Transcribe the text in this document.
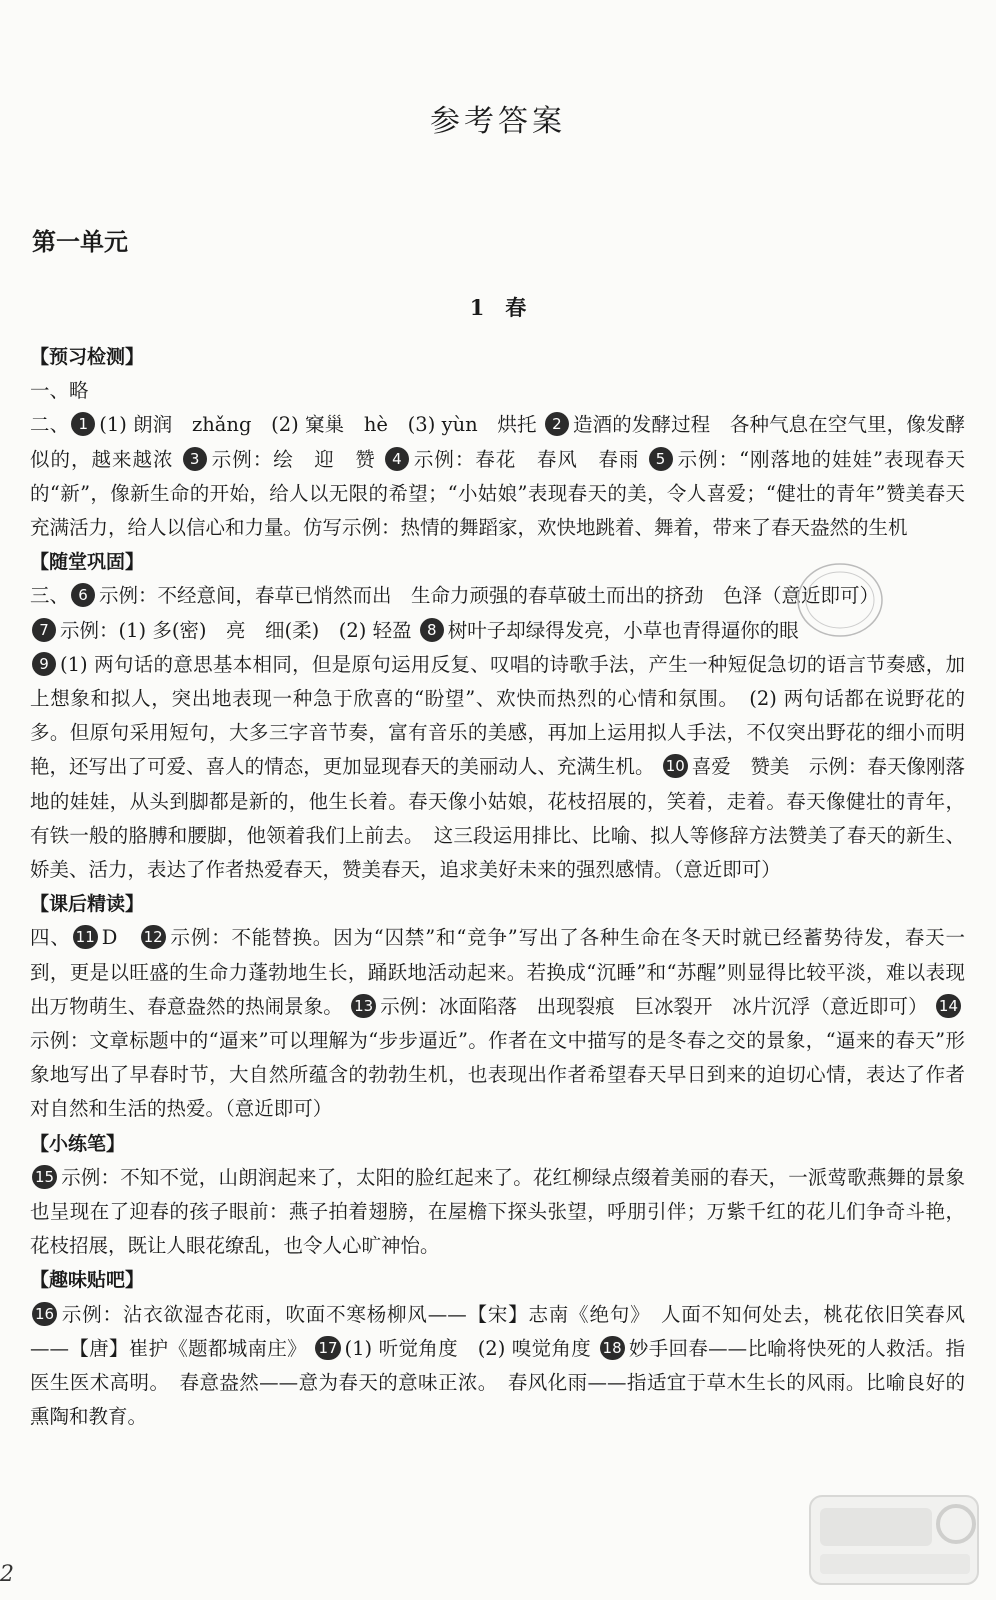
参考答案
第一单元
1　春

【预习检测】

一、略

二、 1 (1) 朗润　zhǎng　(2) 窠巢　hè　(3) yùn　烘托 2 造酒的发酵过程　各种气息在空气里，像发酵似的，越来越浓 3 示例：绘　迎　赞 4 示例：春花　春风　春雨 5 示例：“刚落地的娃娃”表现春天的“新”，像新生命的开始，给人以无限的希望；“小姑娘”表现春天的美，令人喜爱；“健壮的青年”赞美春天充满活力，给人以信心和力量。仿写示例：热情的舞蹈家，欢快地跳着、舞着，带来了春天盎然的生机

【随堂巩固】

三、 6 示例：不经意间，春草已悄然而出　生命力顽强的春草破土而出的挤劲　色泽（意近即可）

7 示例：(1) 多(密)　亮　细(柔)　(2) 轻盈 8 树叶子却绿得发亮，小草也青得逼你的眼

9 (1) 两句话的意思基本相同，但是原句运用反复、叹唱的诗歌手法，产生一种短促急切的语言节奏感，加上想象和拟人，突出地表现一种急于欣喜的“盼望”、欢快而热烈的心情和氛围。　(2) 两句话都在说野花的多。但原句采用短句，大多三字音节奏，富有音乐的美感，再加上运用拟人手法，不仅突出野花的细小而明艳，还写出了可爱、喜人的情态，更加显现春天的美丽动人、充满生机。 10 喜爱　赞美　示例：春天像刚落地的娃娃，从头到脚都是新的，他生长着。春天像小姑娘，花枝招展的，笑着，走着。春天像健壮的青年，有铁一般的胳膊和腰脚，他领着我们上前去。　这三段运用排比、比喻、拟人等修辞方法赞美了春天的新生、娇美、活力，表达了作者热爱春天，赞美春天，追求美好未来的强烈感情。（意近即可）

【课后精读】

四、 11 D　12 示例：不能替换。因为“囚禁”和“竞争”写出了各种生命在冬天时就已经蓄势待发，春天一到，更是以旺盛的生命力蓬勃地生长，踊跃地活动起来。若换成“沉睡”和“苏醒”则显得比较平淡，难以表现出万物萌生、春意盎然的热闹景象。 13 示例：冰面陷落　出现裂痕　巨冰裂开　冰片沉浮（意近即可） 14示例：文章标题中的“逼来”可以理解为“步步逼近”。作者在文中描写的是冬春之交的景象，“逼来的春天”形象地写出了早春时节，大自然所蕴含的勃勃生机，也表现出作者希望春天早日到来的迫切心情，表达了作者对自然和生活的热爱。（意近即可）

【小练笔】

15 示例：不知不觉，山朗润起来了，太阳的脸红起来了。花红柳绿点缀着美丽的春天，一派莺歌燕舞的景象也呈现在了迎春的孩子眼前：燕子拍着翅膀，在屋檐下探头张望，呼朋引伴；万紫千红的花儿们争奇斗艳，花枝招展，既让人眼花缭乱，也令人心旷神怡。

【趣味贴吧】

16 示例：沾衣欲湿杏花雨，吹面不寒杨柳风——【宋】志南《绝句》　人面不知何处去，桃花依旧笑春风——【唐】崔护《题都城南庄》 17 (1) 听觉角度　(2) 嗅觉角度 18 妙手回春——比喻将快死的人救活。指医生医术高明。　春意盎然——意为春天的意味正浓。　春风化雨——指适宜于草木生长的风雨。比喻良好的熏陶和教育。

2
